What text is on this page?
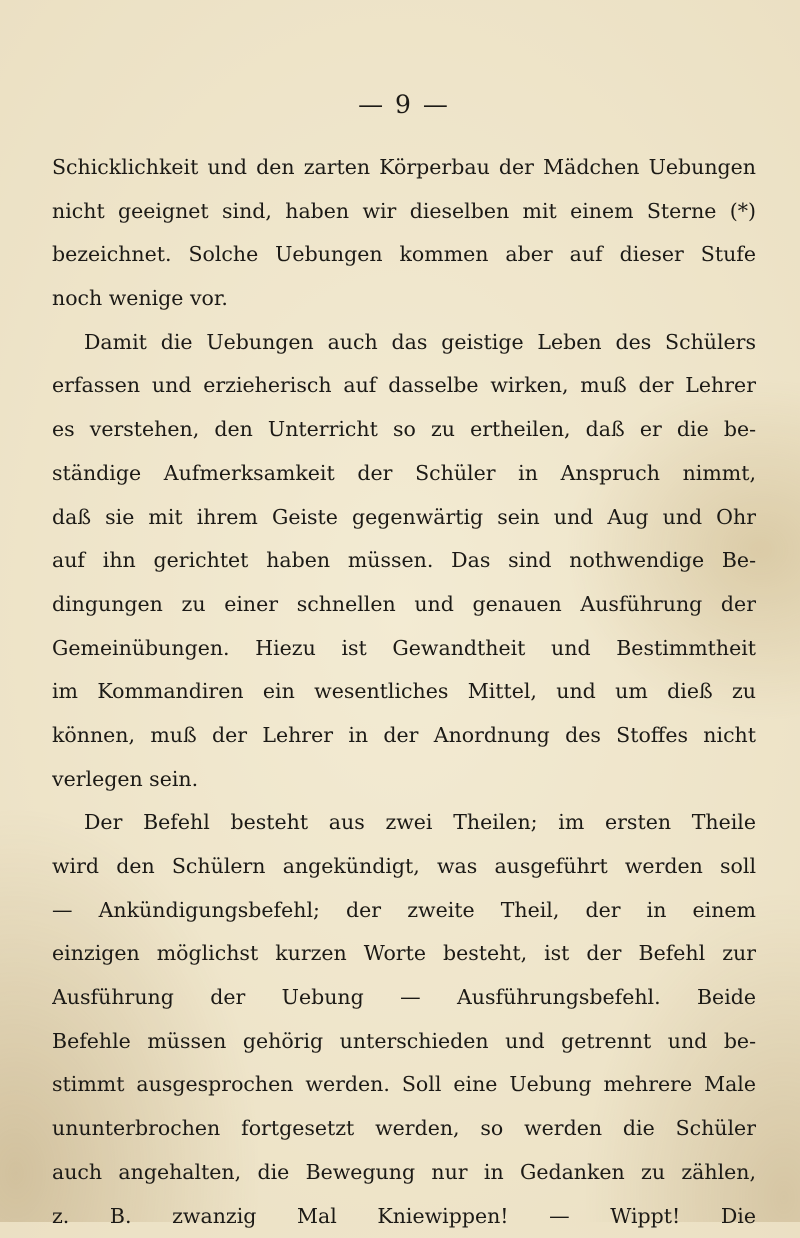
— 9 —
Schicklichkeit und den zarten Körperbau der Mädchen Uebungen
nicht geeignet sind, haben wir dieselben mit einem Sterne (*)
bezeichnet. Solche Uebungen kommen aber auf dieser Stufe
noch wenige vor.
Damit die Uebungen auch das geistige Leben des Schülers
erfassen und erzieherisch auf dasselbe wirken, muß der Lehrer
es verstehen, den Unterricht so zu ertheilen, daß er die be-
ständige Aufmerksamkeit der Schüler in Anspruch nimmt,
daß sie mit ihrem Geiste gegenwärtig sein und Aug und Ohr
auf ihn gerichtet haben müssen. Das sind nothwendige Be-
dingungen zu einer schnellen und genauen Ausführung der
Gemeinübungen. Hiezu ist Gewandtheit und Bestimmtheit
im Kommandiren ein wesentliches Mittel, und um dieß zu
können, muß der Lehrer in der Anordnung des Stoffes nicht
verlegen sein.
Der Befehl besteht aus zwei Theilen; im ersten Theile
wird den Schülern angekündigt, was ausgeführt werden soll
— Ankündigungsbefehl; der zweite Theil, der in einem
einzigen möglichst kurzen Worte besteht, ist der Befehl zur
Ausführung der Uebung — Ausführungsbefehl. Beide
Befehle müssen gehörig unterschieden und getrennt und be-
stimmt ausgesprochen werden. Soll eine Uebung mehrere Male
ununterbrochen fortgesetzt werden, so werden die Schüler
auch angehalten, die Bewegung nur in Gedanken zu zählen,
z. B. zwanzig Mal Kniewippen! — Wippt! Die
